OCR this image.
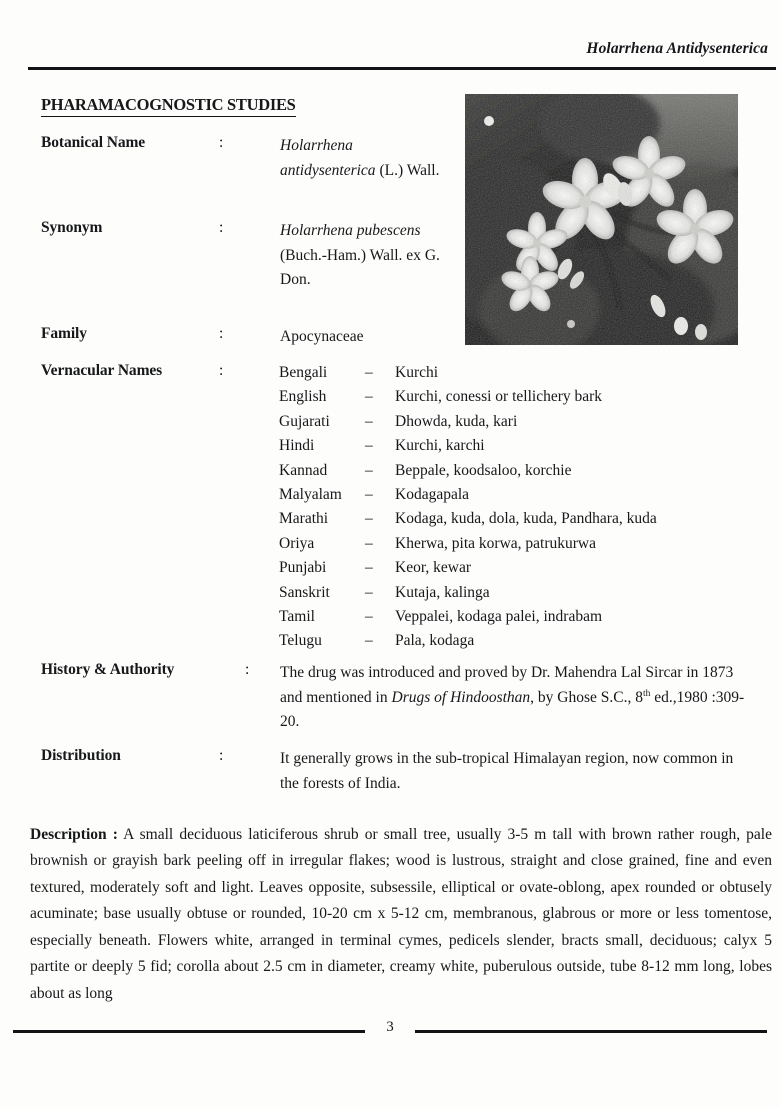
Holarrhena Antidysenterica
PHARAMACOGNOSTIC STUDIES
Botanical Name	:	Holarrhena antidysenterica (L.) Wall.
Synonym	:	Holarrhena pubescens (Buch.-Ham.) Wall. ex G. Don.
Family	:	Apocynaceae
Vernacular Names	:	Bengali	–	Kurchi
English	–	Kurchi, conessi or tellichery bark
Gujarati	–	Dhowda, kuda, kari
Hindi	–	Kurchi, karchi
Kannad	–	Beppale, koodsaloo, korchie
Malyalam	–	Kodagapala
Marathi	–	Kodaga, kuda, dola, kuda, Pandhara, kuda
Oriya	–	Kherwa, pita korwa, patrukurwa
Punjabi	–	Keor, kewar
Sanskrit	–	Kutaja, kalinga
Tamil	–	Veppalei, kodaga palei, indrabam
Telugu	–	Pala, kodaga
History & Authority	: The drug was introduced and proved by Dr. Mahendra Lal Sircar in 1873 and mentioned in Drugs of Hindoosthan, by Ghose S.C., 8th ed.,1980 :309-20.
Distribution	:	It generally grows in the sub-tropical Himalayan region, now common in the forests of India.

Description : A small deciduous laticiferous shrub or small tree, usually 3-5 m tall with brown rather rough, pale brownish or grayish bark peeling off in irregular flakes; wood is lustrous, straight and close grained, fine and even textured, moderately soft and light. Leaves opposite, subsessile, elliptical or ovate-oblong, apex rounded or obtusely acuminate; base usually obtuse or rounded, 10-20 cm x 5-12 cm, membranous, glabrous or more or less tomentose, especially beneath. Flowers white, arranged in terminal cymes, pedicels slender, bracts small, deciduous; calyx 5 partite or deeply 5 fid; corolla about 2.5 cm in diameter, creamy white, puberulous outside, tube 8-12 mm long, lobes about as long

3
